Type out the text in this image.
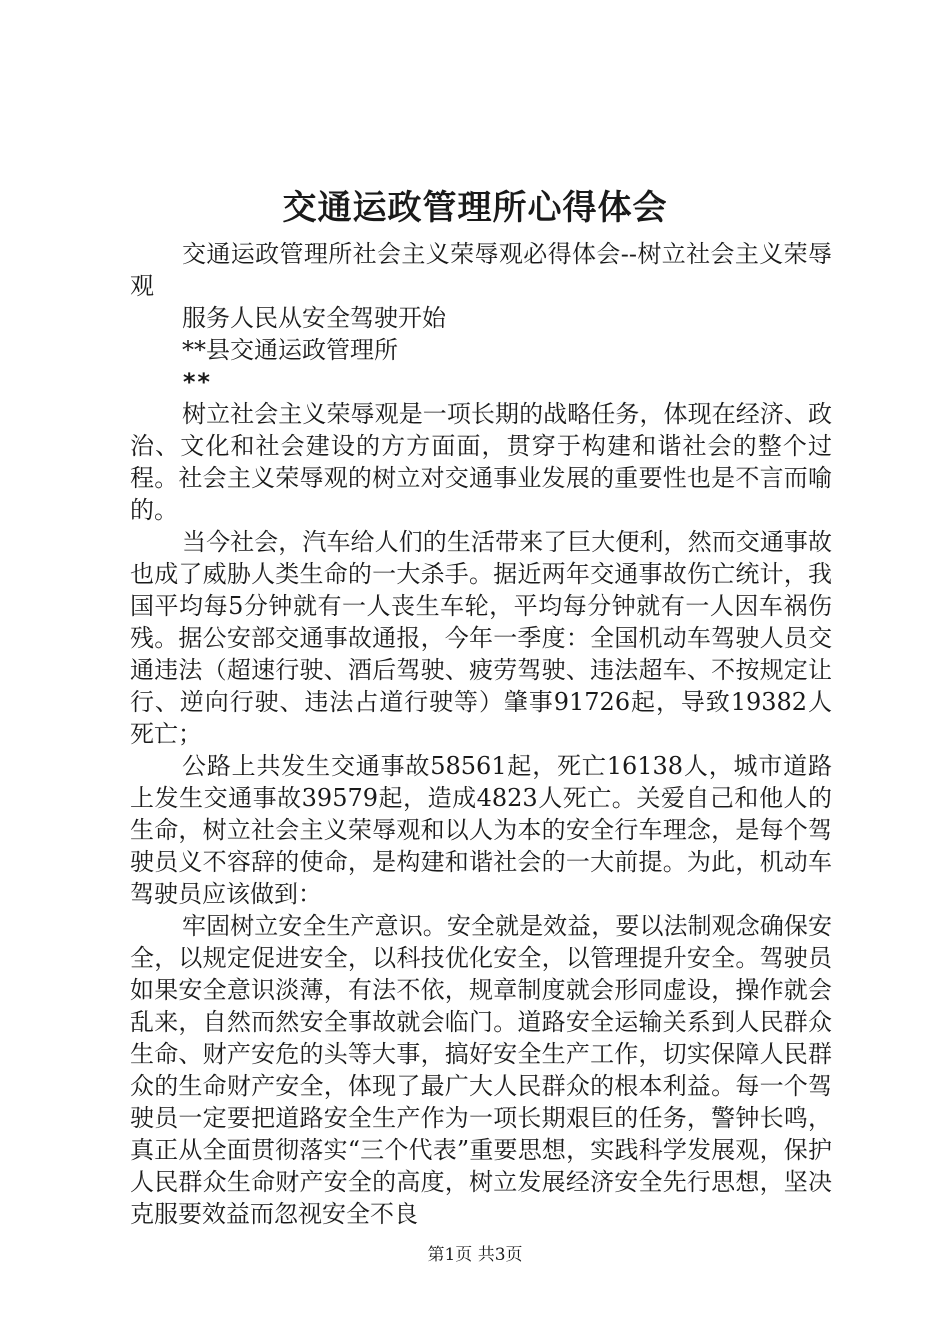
交通运政管理所心得体会

交通运政管理所社会主义荣辱观必得体会--树立社会主义荣辱观

服务人民从安全驾驶开始

**县交通运政管理所

**

树立社会主义荣辱观是一项长期的战略任务，体现在经济、政治、文化和社会建设的方方面面，贯穿于构建和谐社会的整个过程。社会主义荣辱观的树立对交通事业发展的重要性也是不言而喻的。

当今社会，汽车给人们的生活带来了巨大便利，然而交通事故也成了威胁人类生命的一大杀手。据近两年交通事故伤亡统计，我国平均每5分钟就有一人丧生车轮，平均每分钟就有一人因车祸伤残。据公安部交通事故通报，今年一季度：全国机动车驾驶人员交通违法（超速行驶、酒后驾驶、疲劳驾驶、违法超车、不按规定让行、逆向行驶、违法占道行驶等）肇事91726起，导致19382人死亡；

公路上共发生交通事故58561起，死亡16138人，城市道路上发生交通事故39579起，造成4823人死亡。关爱自己和他人的生命，树立社会主义荣辱观和以人为本的安全行车理念，是每个驾驶员义不容辞的使命，是构建和谐社会的一大前提。为此，机动车驾驶员应该做到：

牢固树立安全生产意识。安全就是效益，要以法制观念确保安全，以规定促进安全，以科技优化安全，以管理提升安全。驾驶员如果安全意识淡薄，有法不依，规章制度就会形同虚设，操作就会乱来，自然而然安全事故就会临门。道路安全运输关系到人民群众生命、财产安危的头等大事，搞好安全生产工作，切实保障人民群众的生命财产安全，体现了最广大人民群众的根本利益。每一个驾驶员一定要把道路安全生产作为一项长期艰巨的任务，警钟长鸣，真正从全面贯彻落实“三个代表”重要思想，实践科学发展观，保护人民群众生命财产安全的高度，树立发展经济安全先行思想，坚决克服要效益而忽视安全不良

第1页 共3页
